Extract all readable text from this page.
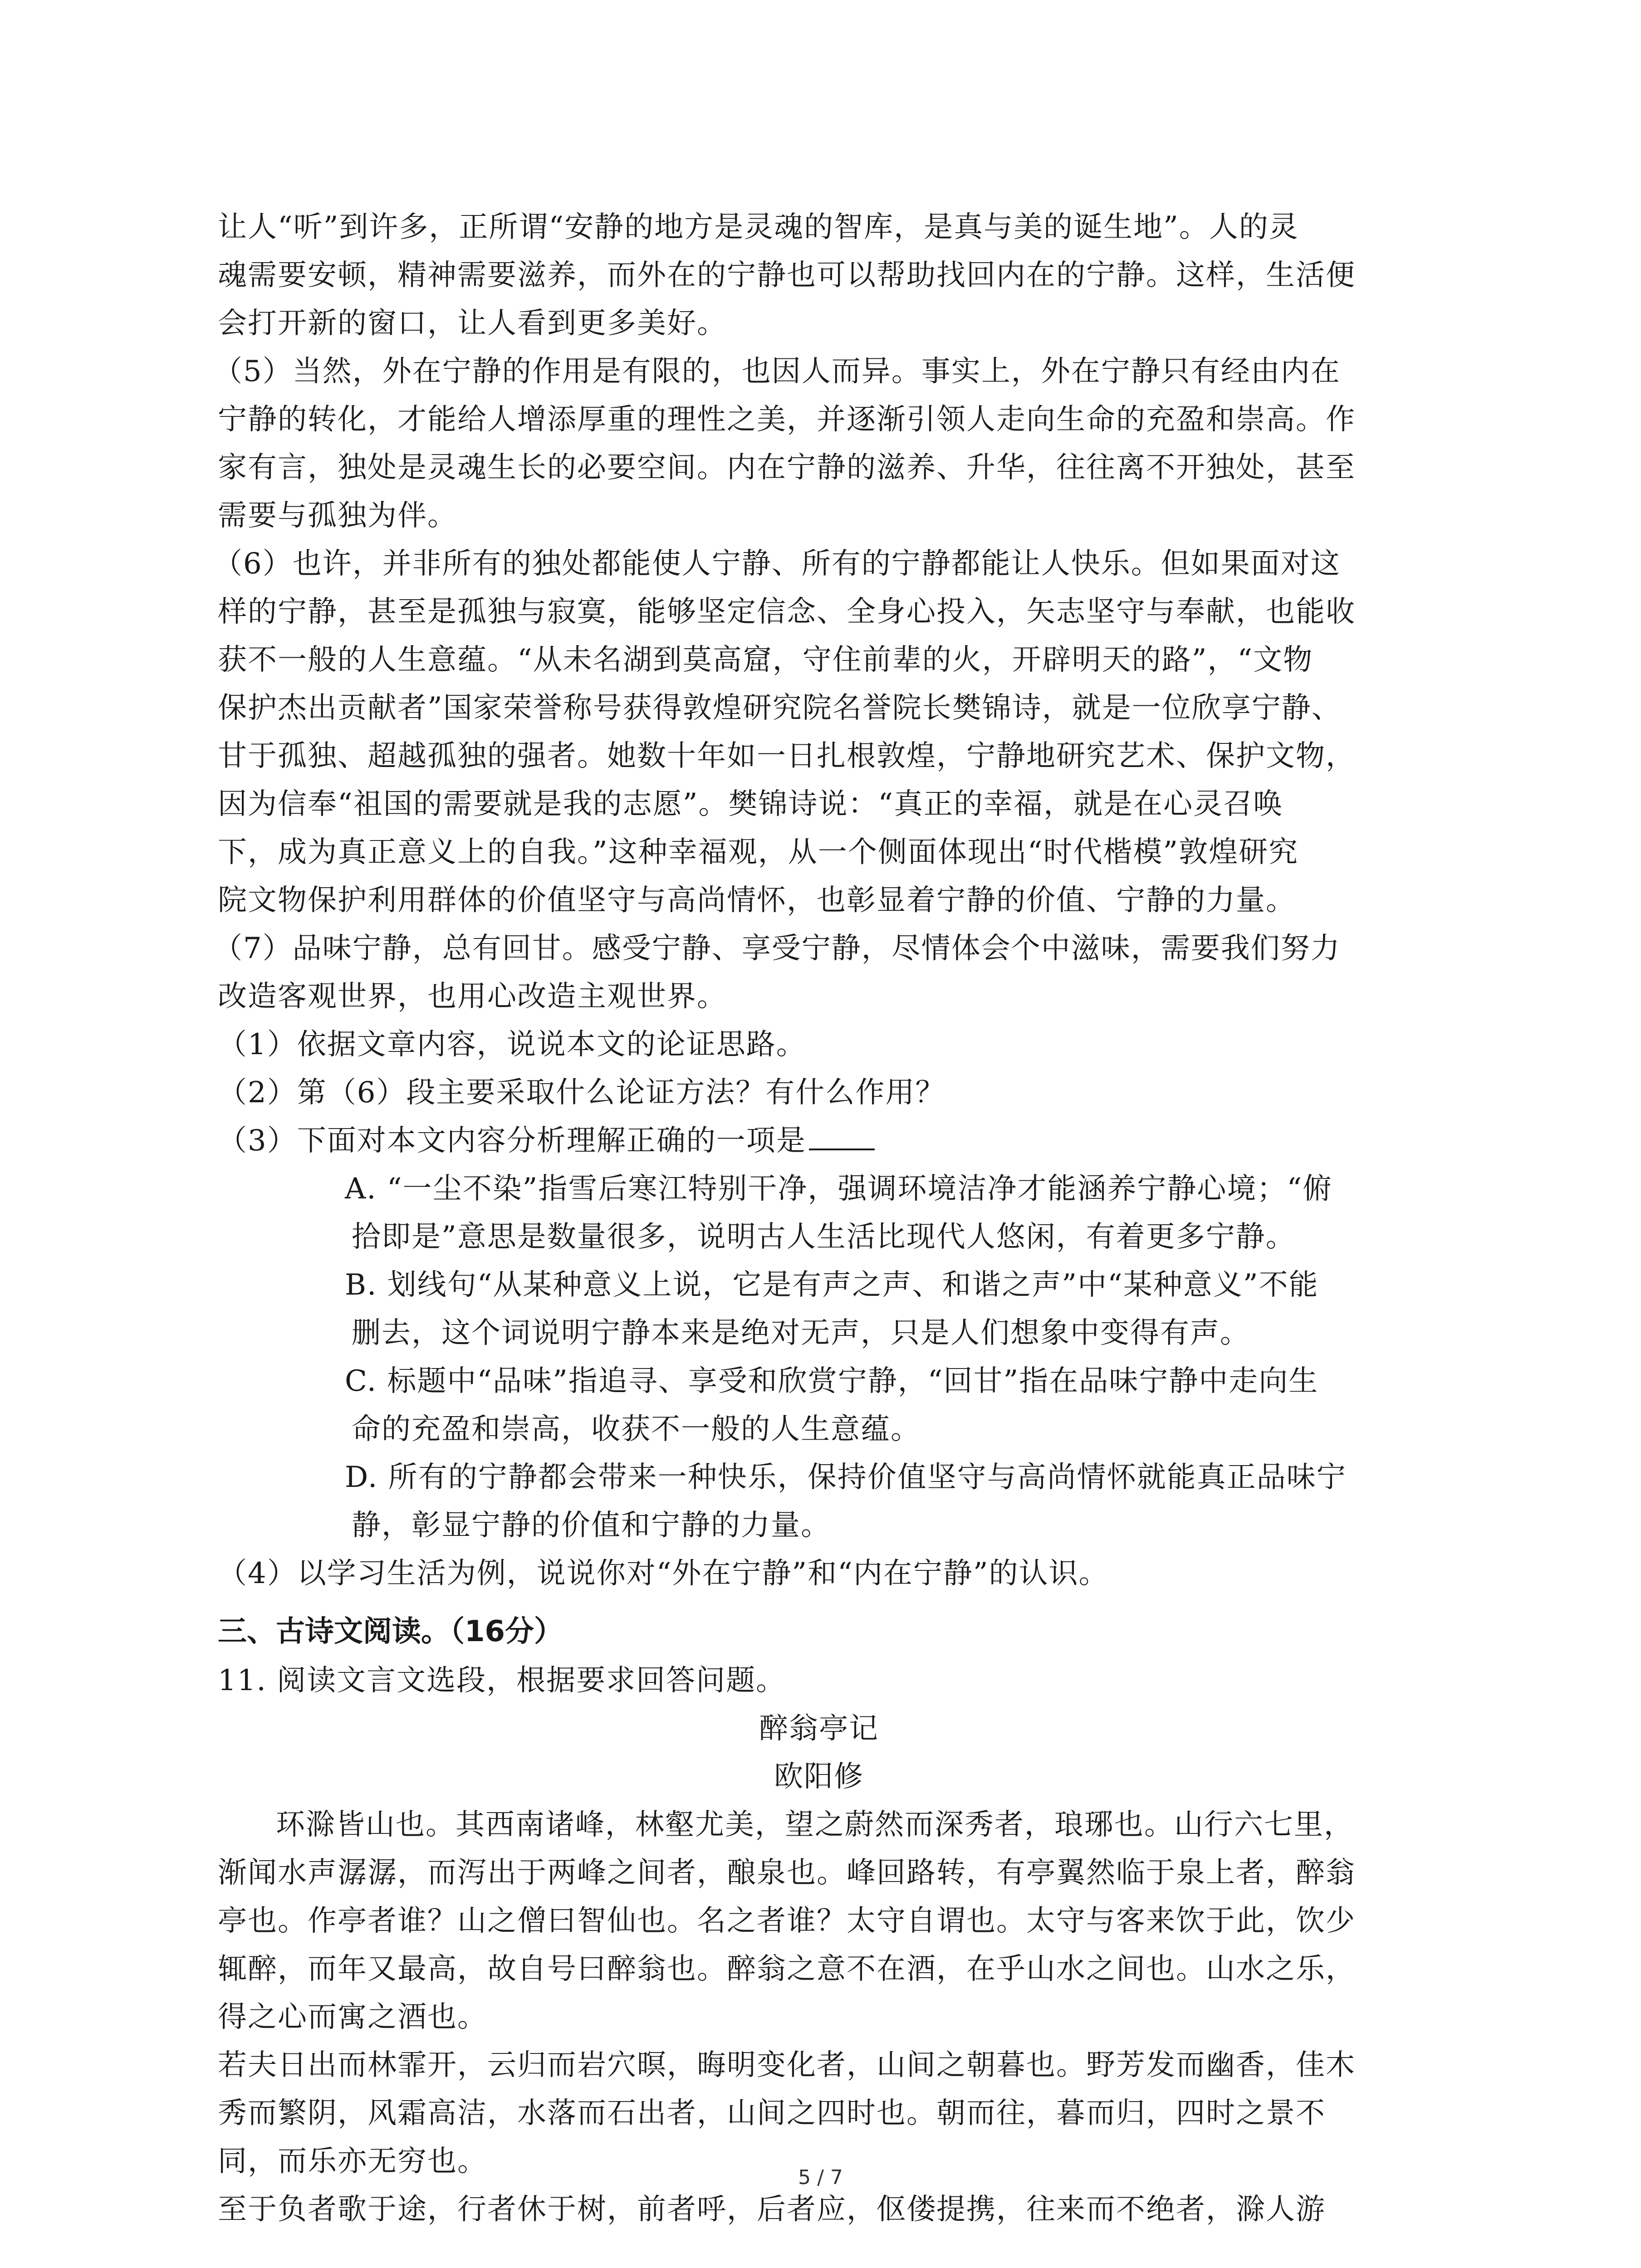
让人“听”到许多，正所谓“安静的地方是灵魂的智库，是真与美的诞生地”。人的灵
魂需要安顿，精神需要滋养，而外在的宁静也可以帮助找回内在的宁静。这样，生活便
会打开新的窗口，让人看到更多美好。
（5）当然，外在宁静的作用是有限的，也因人而异。事实上，外在宁静只有经由内在
宁静的转化，才能给人增添厚重的理性之美，并逐渐引领人走向生命的充盈和崇高。作
家有言，独处是灵魂生长的必要空间。内在宁静的滋养、升华，往往离不开独处，甚至
需要与孤独为伴。
（6）也许，并非所有的独处都能使人宁静、所有的宁静都能让人快乐。但如果面对这
样的宁静，甚至是孤独与寂寞，能够坚定信念、全身心投入，矢志坚守与奉献，也能收
获不一般的人生意蕴。“从未名湖到莫高窟，守住前辈的火，开辟明天的路”，“文物
保护杰出贡献者”国家荣誉称号获得敦煌研究院名誉院长樊锦诗，就是一位欣享宁静、
甘于孤独、超越孤独的强者。她数十年如一日扎根敦煌，宁静地研究艺术、保护文物，
因为信奉“祖国的需要就是我的志愿”。樊锦诗说：“真正的幸福，就是在心灵召唤
下，成为真正意义上的自我。”这种幸福观，从一个侧面体现出“时代楷模”敦煌研究
院文物保护利用群体的价值坚守与高尚情怀，也彰显着宁静的价值、宁静的力量。
（7）品味宁静，总有回甘。感受宁静、享受宁静，尽情体会个中滋味，需要我们努力
改造客观世界，也用心改造主观世界。
（1）依据文章内容，说说本文的论证思路。
（2）第（6）段主要采取什么论证方法？有什么作用？
（3）下面对本文内容分析理解正确的一项是
A. “一尘不染”指雪后寒江特别干净，强调环境洁净才能涵养宁静心境；“俯
拾即是”意思是数量很多，说明古人生活比现代人悠闲，有着更多宁静。
B. 划线句“从某种意义上说，它是有声之声、和谐之声”中“某种意义”不能
删去，这个词说明宁静本来是绝对无声，只是人们想象中变得有声。
C. 标题中“品味”指追寻、享受和欣赏宁静，“回甘”指在品味宁静中走向生
命的充盈和崇高，收获不一般的人生意蕴。
D. 所有的宁静都会带来一种快乐，保持价值坚守与高尚情怀就能真正品味宁
静，彰显宁静的价值和宁静的力量。
（4）以学习生活为例，说说你对“外在宁静”和“内在宁静”的认识。
三、古诗文阅读。（16分）
11. 阅读文言文选段，根据要求回答问题。
醉翁亭记
欧阳修
环滁皆山也。其西南诸峰，林壑尤美，望之蔚然而深秀者，琅琊也。山行六七里，
渐闻水声潺潺，而泻出于两峰之间者，酿泉也。峰回路转，有亭翼然临于泉上者，醉翁
亭也。作亭者谁？山之僧曰智仙也。名之者谁？太守自谓也。太守与客来饮于此，饮少
辄醉，而年又最高，故自号曰醉翁也。醉翁之意不在酒，在乎山水之间也。山水之乐，
得之心而寓之酒也。
若夫日出而林霏开，云归而岩穴暝，晦明变化者，山间之朝暮也。野芳发而幽香，佳木
秀而繁阴，风霜高洁，水落而石出者，山间之四时也。朝而往，暮而归，四时之景不
同，而乐亦无穷也。
至于负者歌于途，行者休于树，前者呼，后者应，伛偻提携，往来而不绝者，滁人游
5 / 7
